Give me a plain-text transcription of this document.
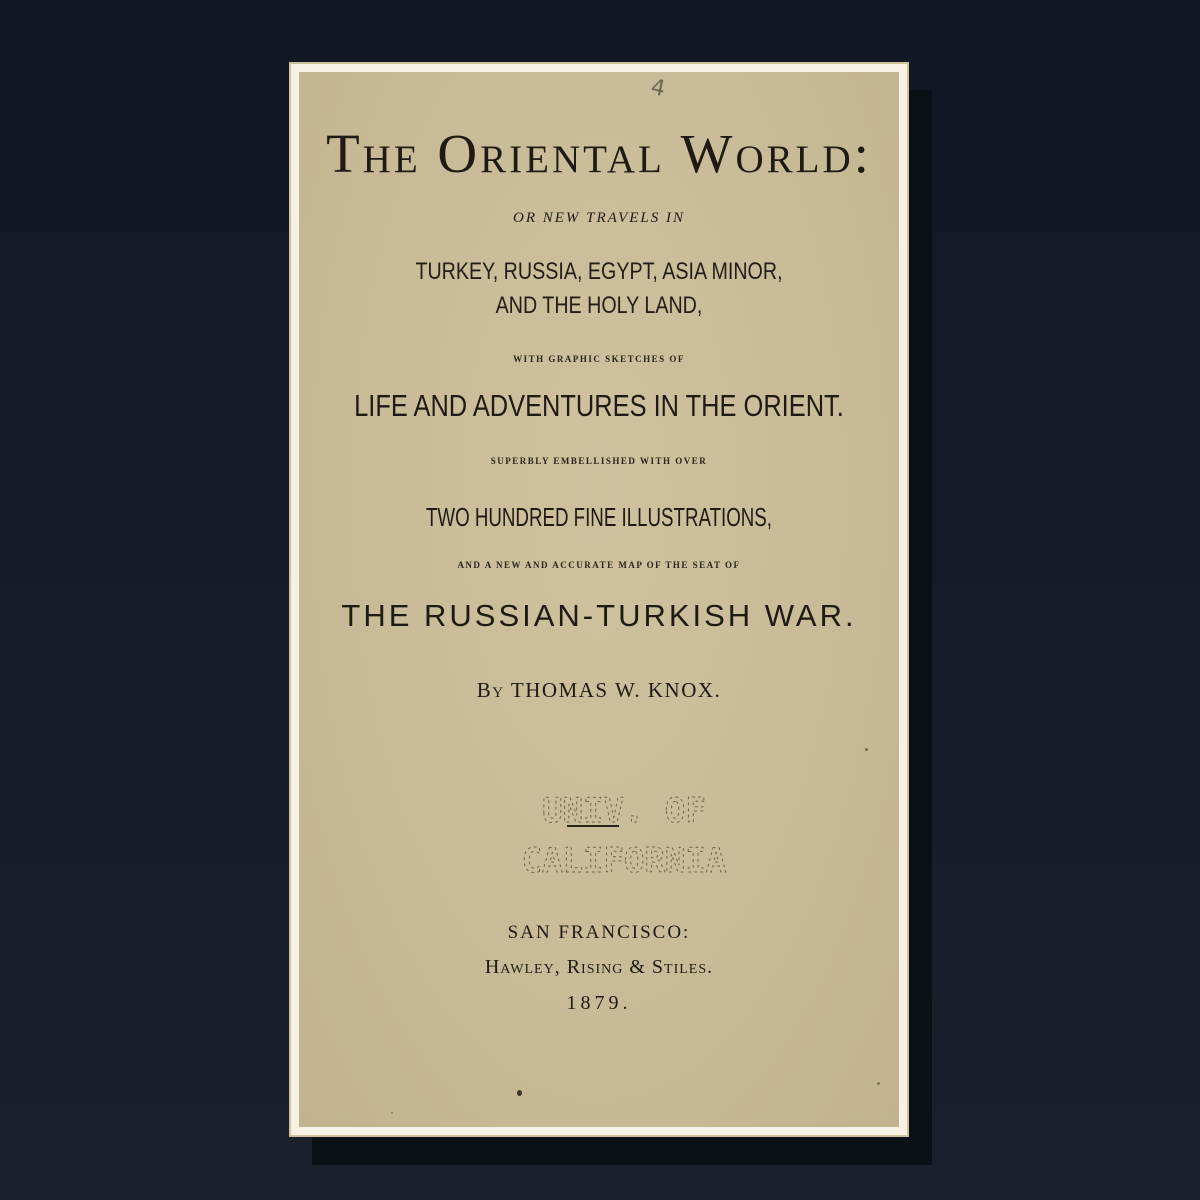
4
The Oriental World:
OR NEW TRAVELS IN
TURKEY, RUSSIA, EGYPT, ASIA MINOR,
AND THE HOLY LAND,
WITH GRAPHIC SKETCHES OF
LIFE AND ADVENTURES IN THE ORIENT.
SUPERBLY EMBELLISHED WITH OVER
TWO HUNDRED FINE ILLUSTRATIONS,
AND A NEW AND ACCURATE MAP OF THE SEAT OF
THE RUSSIAN-TURKISH WAR.
By THOMAS W. KNOX.
UNIV. OF
CALIFORNIA
SAN FRANCISCO:
Hawley, Rising & Stiles.
1879.
